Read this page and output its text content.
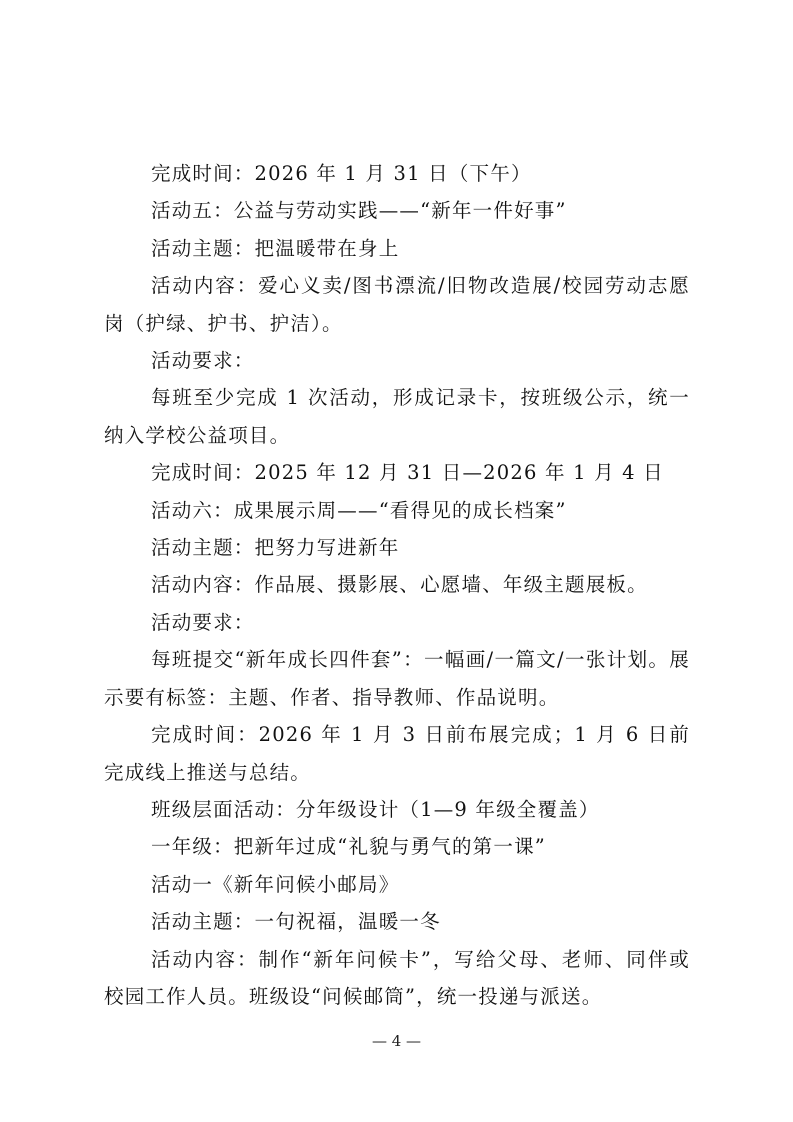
完成时间：2026 年 1 月 31 日（下午）

活动五：公益与劳动实践——“新年一件好事”

活动主题：把温暖带在身上

活动内容：爱心义卖/图书漂流/旧物改造展/校园劳动志愿岗（护绿、护书、护洁）。

活动要求：

每班至少完成 1 次活动，形成记录卡，按班级公示，统一纳入学校公益项目。

完成时间：2025 年 12 月 31 日—2026 年 1 月 4 日

活动六：成果展示周——“看得见的成长档案”

活动主题：把努力写进新年

活动内容：作品展、摄影展、心愿墙、年级主题展板。

活动要求：

每班提交“新年成长四件套”：一幅画/一篇文/一张计划。展示要有标签：主题、作者、指导教师、作品说明。

完成时间：2026 年 1 月 3 日前布展完成；1 月 6 日前完成线上推送与总结。

班级层面活动：分年级设计（1—9 年级全覆盖）

一年级：把新年过成“礼貌与勇气的第一课”

活动一《新年问候小邮局》

活动主题：一句祝福，温暖一冬

活动内容：制作“新年问候卡”，写给父母、老师、同伴或校园工作人员。班级设“问候邮筒”，统一投递与派送。

— 4 —
